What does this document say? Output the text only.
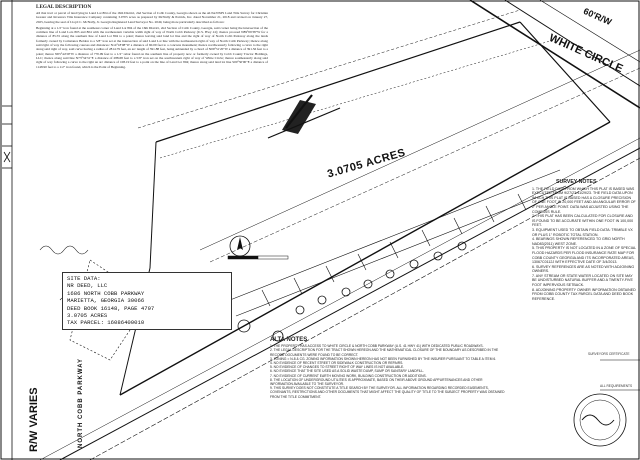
LEGAL DESCRIPTION

All that tract or parcel of land lying in Land Lot 804 of the 16th District, 2nd Section of Cobb County, Georgia shown as the ALTA/NSPS Land Title Survey for Christian Greater and Investors Title Insurance Company containing 3.0705 acres as prepared by McNally & Patrick, Inc. dated November 21, 2018 and revised on January 27, 2025, bearing the seal of Lloyd C. McNally, Jr. Georgia Registered Land Surveyor No. 2049, being more particularly described as follows:

Beginning at a 1/2" iron found at the southeast corner of Land Lot 804 of the 16th District, 2nd Section of Cobb County, Georgia, said corner being the intersection of the common line of Land Lots 803 and 804 with the northeastern variable width right of way of North Cobb Parkway (U.S. Hwy 41); thence proceed N89°09'38"W for a distance of 85.55 along the southern line of Land Lot 804 to a point; thence leaving said land lot line and the right of way of North Cobb Parkway along the lands formerly owned by Comstance Beldon to a 5/8" iron set at the intersection of said Land Lot line with the northeastern right of way of North Cobb Parkway; thence along said right of way the following courses and distances: N14°18'08"W a distance of 60.09 feet to a concrete monument; thence northwesterly following a curve to the right along said right of way, said curve having a radius of 2814.79 feet, an arc length of 391.88 feet, being subtended by a chord of N09°51'20"W a distance of 391.56 feet to a point; thence N05°44'39"W a distance of 770.99 feet to a 1/2" rebar found on the southern line of property now or formerly owned by Cobb County Tractor Holdings, LLC; thence along said line N73°34'31"E a distance of 288.68 feet to a 5/8" iron set on the southwestern right of way of White Circle; thence southeasterly along said right of way following a curve to the right an arc distance of 108.19 feet to a point on the line of Land Lot 804; thence along said land lot line S00°50'00"E a distance of 1148.90 feet to a 1/2" iron found, which is the Point of Beginning.

60'R/W
WHITE CIRCLE
R/W VARIES	NORTH COBB PARKWAY
3.0705 ACRES
SITE DATA:
NR DEED, LLC
1686 NORTH COBB PARKWAY
MARIETTA, GEORGIA 30066
DEED BOOK 16148, PAGE 4797
3.0705 ACRES
TAX PARCEL: 16086400010
SURVEY NOTES
1. THE FIELD DATA FROM WHICH THIS PLAT IS BASED WAS EXECUTED FROM 9/27/23-11/29/23. THE FIELD DATA UPON WHICH THIS PLAT IS BASED HAS A CLOSURE PRECISION OF ONE FOOT IN 20,000 FEET AND AN ANGULAR ERROR OF 2" PER ANGLE POINT. DATA WAS ADJUSTED USING THE COMPASS RULE.
2. THIS PLAT HAS BEEN CALCULATED FOR CLOSURE AND IS FOUND TO BE ACCURATE WITHIN ONE FOOT IN 100,000 FEET.
3. EQUIPMENT USED TO OBTAIN FIELD DATA: TRIMBLE VX OR PLUS 1" ROBOTIC TOTAL STATION.
4. BEARINGS SHOWN REFERENCED TO GRID NORTH NAD83(2011) WEST ZONE.
5. THIS PROPERTY IS NOT LOCATED IN A ZONE OF SPECIAL FLOOD HAZARDS PER FLOOD INSURANCE RATE MAP FOR COBB COUNTY GEORGIA AND ITS INCORPORATED AREAS, 13067C0112J WITH EFFECTIVE DATE OF 3/4/2013.
6. SURVEY REFERENCES ARE AS NOTED WITH ADJOINING OWNERS.
7. ANY STREAM OR STATE WATER LOCATED ON SITE MAY BE UNDISTURBED NATURAL BUFFER AND A TWENTY-FIVE FOOT IMPERVIOUS SETBACK.
8. ADJOINING PROPERTY OWNER INFORMATION OBTAINED FROM COBB COUNTY TAX PARCEL DATA AND DEED BOOK REFERENCE.
ALTA NOTES
1. THE PROPERTY HAS ACCESS TO WHITE CIRCLE & NORTH COBB PARKWAY (U.S. 41 HWY 41) WITH DEDICATED PUBLIC ROADWAYS.
2. THE LEGAL DESCRIPTION FOR THE TRACT SHOWN HEREON AND THE MATHEMATICAL CLOSURE OF THE BOUNDARY AS DESCRIBED IN THE RECORD DOCUMENTS WERE FOUND TO BE CORRECT.
3. ZONING = N-8 & CG. ZONING INFORMATION SHOWN HEREON HAS NOT BEEN FURNISHED BY THE INSURER PURSUANT TO TABLE A ITEM 6.
4. NO EVIDENCE OF RECENT STREET OR SIDEWALK CONSTRUCTION OR REPAIRS.
5. NO EVIDENCE OF CHANGES TO STREET RIGHT OF WAY LINES IS NOT AVAILABLE.
6. NO EVIDENCE THAT THE SITE USED AS A SOLID WASTE DUMP, SUMP OR SANITARY LANDFILL.
7. NO EVIDENCE OF CURRENT EARTH MOVING WORK, BUILDING CONSTRUCTION OR ADDITIONS.
8. THE LOCATION OF UNDERGROUND UTILITIES IS APPROXIMATE, BASED ON THEIR ABOVE GROUND APPURTENANCES AND OTHER INFORMATION AVAILABLE TO THE SURVEYOR.
9. THIS SURVEY DOES NOT CONSTITUTE A TITLE SEARCH BY THE SURVEYOR. ALL INFORMATION REGARDING RECORDED EASEMENTS, COVENANTS, RESTRICTIONS AND OTHER DOCUMENTS THAT MIGHT AFFECT THE QUALITY OF TITLE TO THE SUBJECT PROPERTY WAS OBTAINED FROM THE TITLE COMMITMENT.
SURVEYORS CERTIFICATE
ALL REQUIREMENTS
